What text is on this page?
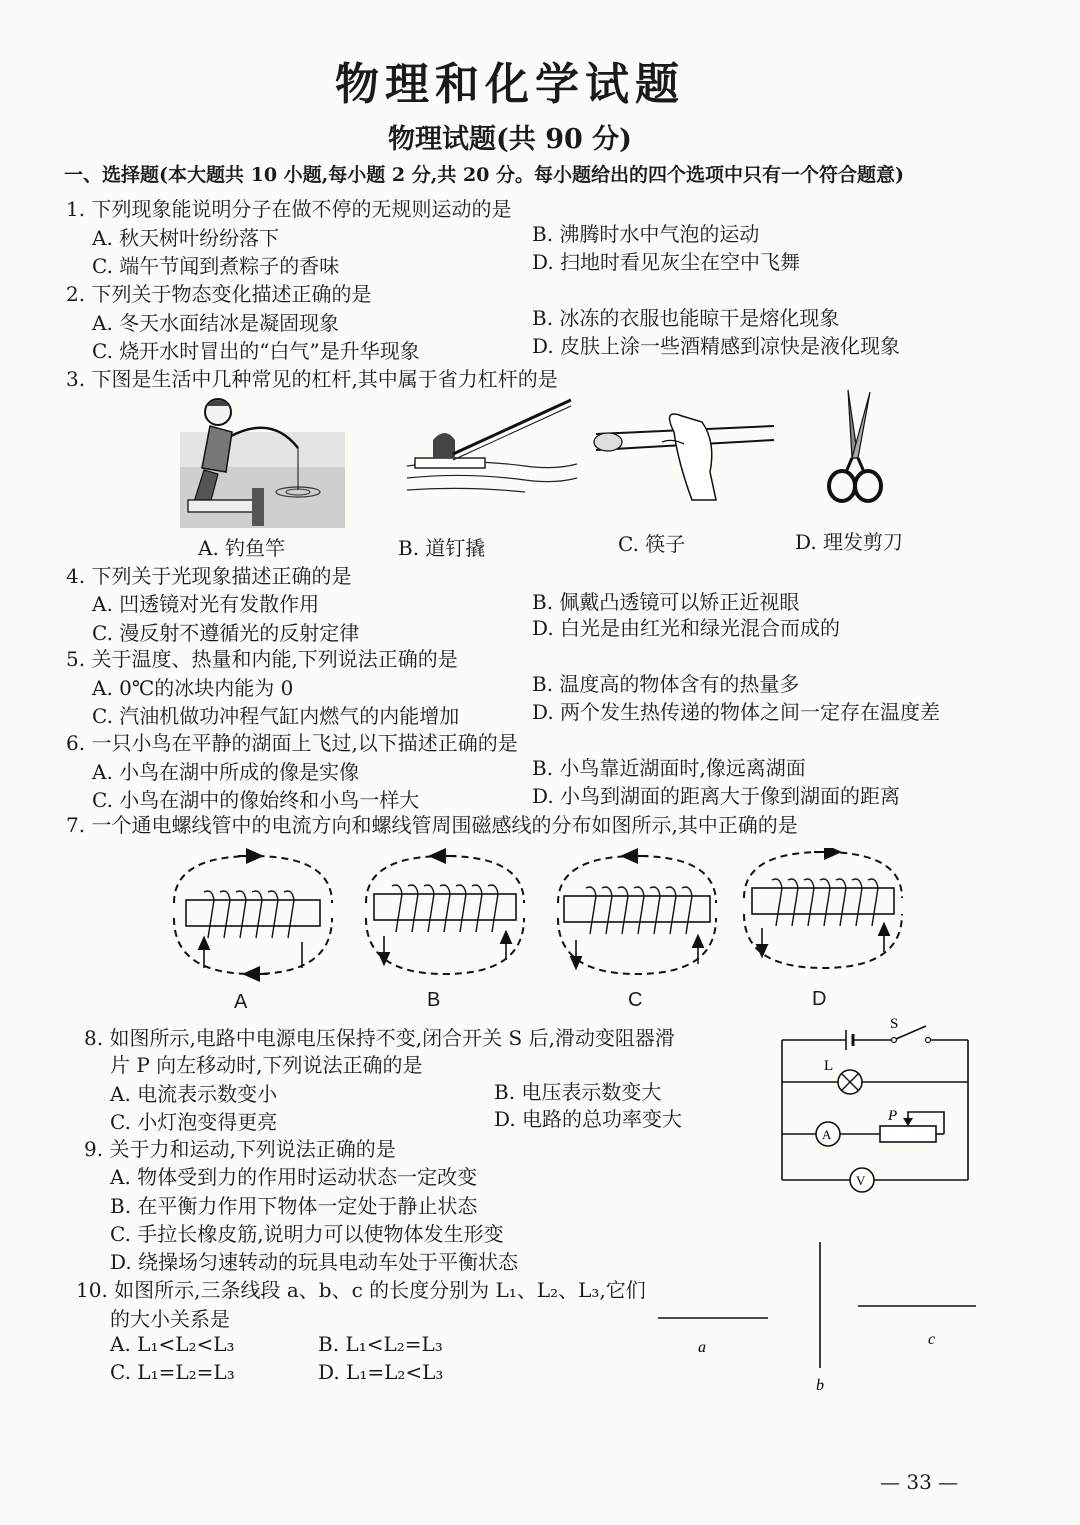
物理和化学试题
物理试题(共 90 分)
一、选择题(本大题共 10 小题,每小题 2 分,共 20 分。每小题给出的四个选项中只有一个符合题意)
1. 下列现象能说明分子在做不停的无规则运动的是
A. 秋天树叶纷纷落下	B. 沸腾时水中气泡的运动
C. 端午节闻到煮粽子的香味	D. 扫地时看见灰尘在空中飞舞
2. 下列关于物态变化描述正确的是
A. 冬天水面结冰是凝固现象	B. 冰冻的衣服也能晾干是熔化现象
C. 烧开水时冒出的“白气”是升华现象	D. 皮肤上涂一些酒精感到凉快是液化现象
3. 下图是生活中几种常见的杠杆,其中属于省力杠杆的是
A. 钓鱼竿	B. 道钉撬	C. 筷子	D. 理发剪刀
4. 下列关于光现象描述正确的是
A. 凹透镜对光有发散作用	B. 佩戴凸透镜可以矫正近视眼
C. 漫反射不遵循光的反射定律	D. 白光是由红光和绿光混合而成的
5. 关于温度、热量和内能,下列说法正确的是
A. 0℃的冰块内能为 0	B. 温度高的物体含有的热量多
C. 汽油机做功冲程气缸内燃气的内能增加	D. 两个发生热传递的物体之间一定存在温度差
6. 一只小鸟在平静的湖面上飞过,以下描述正确的是
A. 小鸟在湖中所成的像是实像	B. 小鸟靠近湖面时,像远离湖面
C. 小鸟在湖中的像始终和小鸟一样大	D. 小鸟到湖面的距离大于像到湖面的距离
7. 一个通电螺线管中的电流方向和螺线管周围磁感线的分布如图所示,其中正确的是
A	B	C	D
8. 如图所示,电路中电源电压保持不变,闭合开关 S 后,滑动变阻器滑
片 P 向左移动时,下列说法正确的是
A. 电流表示数变小	B. 电压表示数变大
C. 小灯泡变得更亮	D. 电路的总功率变大
S
L
P
A
V
9. 关于力和运动,下列说法正确的是
A. 物体受到力的作用时运动状态一定改变
B. 在平衡力作用下物体一定处于静止状态
C. 手拉长橡皮筋,说明力可以使物体发生形变
D. 绕操场匀速转动的玩具电动车处于平衡状态
10. 如图所示,三条线段 a、b、c 的长度分别为 L₁、L₂、L₃,它们
的大小关系是
A. L₁<L₂<L₃	B. L₁<L₂=L₃
C. L₁=L₂=L₃	D. L₁=L₂<L₃
a
b
c
— 33 —
